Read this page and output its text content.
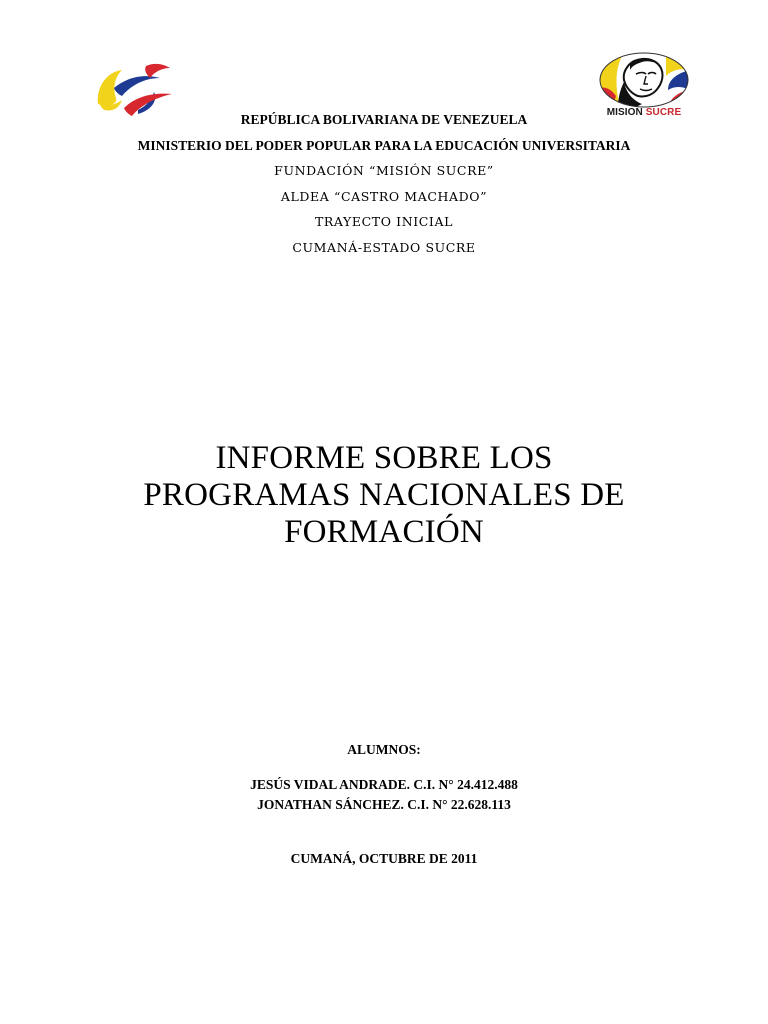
MISION SUCRE
REPÚBLICA BOLIVARIANA DE VENEZUELA
MINISTERIO DEL PODER POPULAR PARA LA EDUCACIÓN UNIVERSITARIA
FUNDACIÓN “MISIÓN SUCRE”
ALDEA “CASTRO MACHADO”
TRAYECTO INICIAL
CUMANÁ-ESTADO SUCRE
INFORME SOBRE LOS
PROGRAMAS NACIONALES DE
FORMACIÓN
ALUMNOS:
JESÚS VIDAL ANDRADE. C.I. N° 24.412.488
JONATHAN SÁNCHEZ. C.I. N° 22.628.113
CUMANÁ, OCTUBRE DE 2011
